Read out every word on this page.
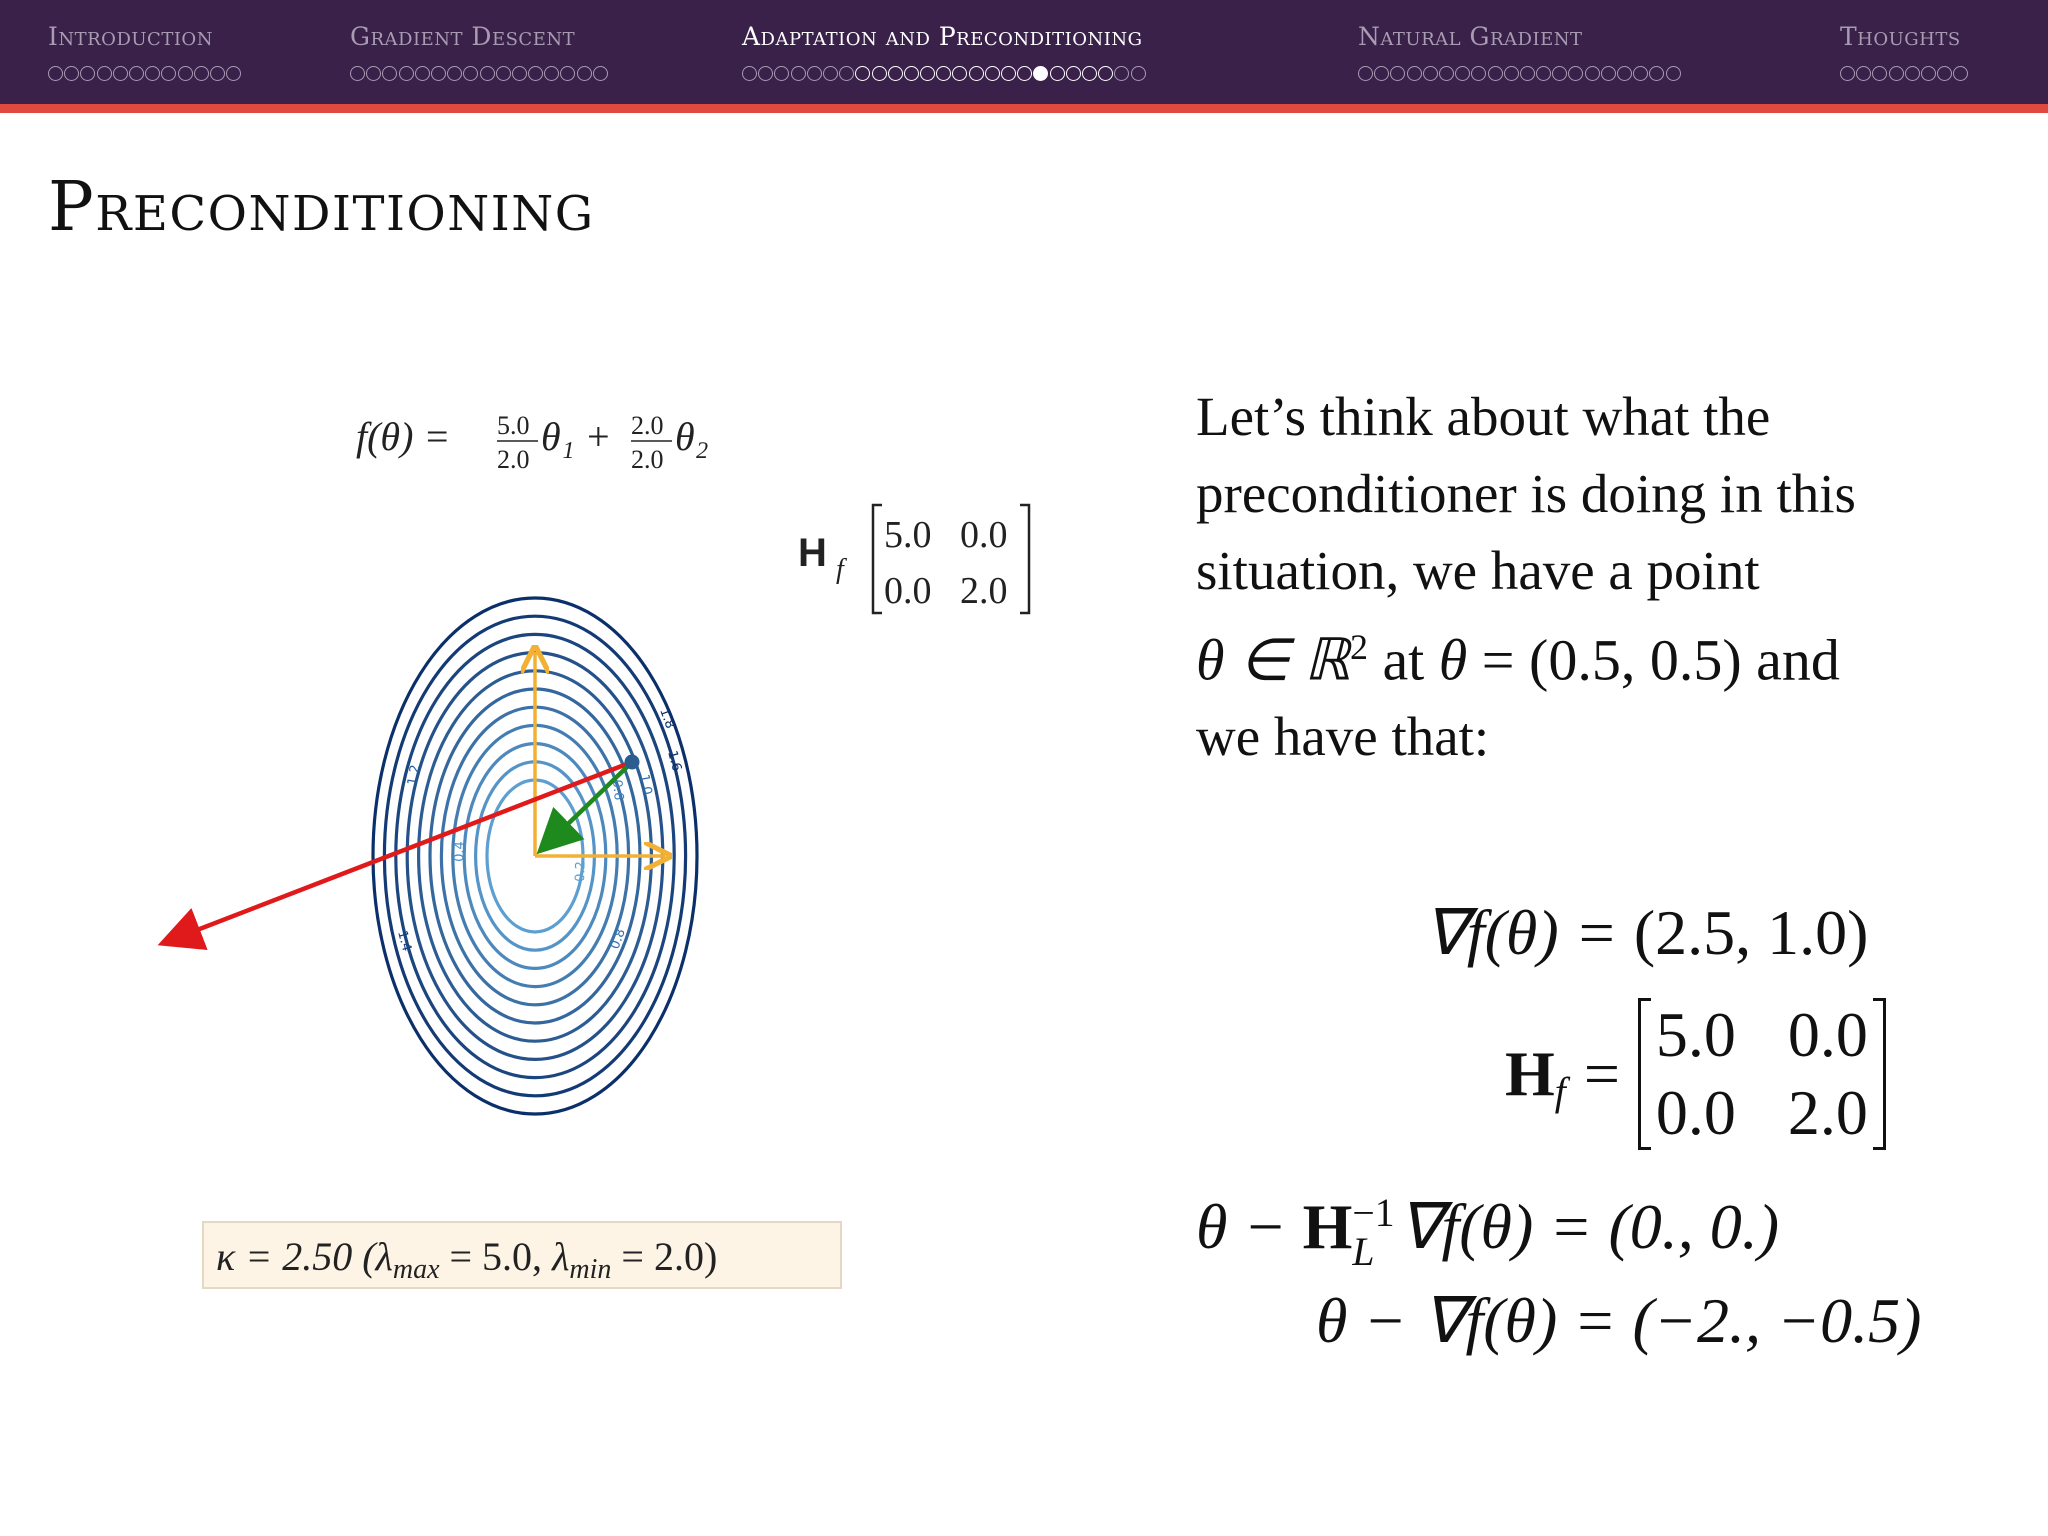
Introduction	Gradient Descent	Adaptation and Preconditioning	Natural Gradient	Thoughts
Preconditioning
f(θ) = 5.0
2.0
θ₁ + 2.0
2.0
θ₂
H f
5.0 0.0
0.0 2.0
1.8
1.6
1.2	1.0
0.6
0.4
0.2
1.4	0.8
κ = 2.50 ($\lambda_{max} = 5.0$, $\lambda_{min} = 2.0$)
Let’s think about what the
preconditioner is doing in this
situation, we have a point
θ ∈ ℝ$^2$ at θ = (0.5, 0.5) and
we have that:
∇f(θ) = (2.5, 1.0)
H f =
5.0 0.0
0.0 2.0
θ − H −1
L ∇f(θ) = (0., 0.)
θ − ∇f(θ) = (−2., −0.5)
